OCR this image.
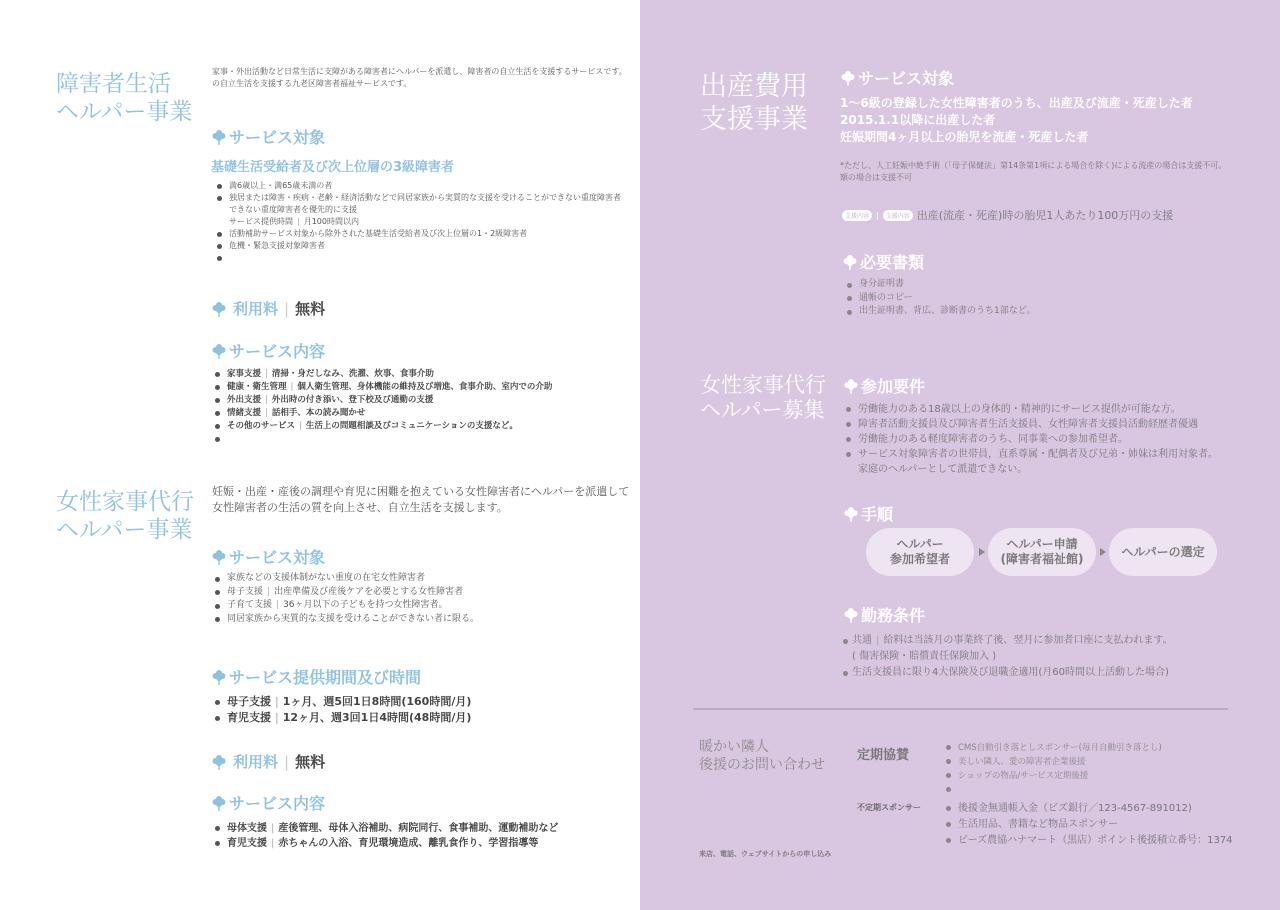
障害者生活
ヘルパー事業
家事・外出活動など日常生活に支障がある障害者にヘルパーを派遣し、障害者の自立生活を支援するサービスです。
の自立生活を支援する九老区障害者福祉サービスです。
サービス対象
基礎生活受給者及び次上位層の3級障害者
満6歳以上・満65歳未満の者
独居または障害・疾病・老齢・経済活動などで同居家族から実質的な支援を受けることができない重度障害者
できない重度障害者を優先的に支援
サービス提供時間 | 月100時間以内
活動補助サービス対象から除外された基礎生活受給者及び次上位層の1・2級障害者
危機・緊急支援対象障害者
利用料 | 無料
サービス内容
家事支援 | 清掃・身だしなみ、洗濯、炊事、食事介助
健康・衛生管理 | 個人衛生管理、身体機能の維持及び増進、食事介助、室内での介助
外出支援 | 外出時の付き添い、登下校及び通勤の支援
情緒支援 | 話相手、本の読み聞かせ
その他のサービス | 生活上の問題相談及びコミュニケーションの支援など。
女性家事代行
ヘルパー事業
妊娠・出産・産後の調理や育児に困難を抱えている女性障害者にヘルパーを派遣して
女性障害者の生活の質を向上させ、自立生活を支援します。
サービス対象
家族などの支援体制がない重度の在宅女性障害者
母子支援 | 出産準備及び産後ケアを必要とする女性障害者
子育て支援 | 36ヶ月以下の子どもを持つ女性障害者。
同居家族から実質的な支援を受けることができない者に限る。
サービス提供期間及び時間
母子支援 | 1ヶ月、週5回1日8時間(160時間/月)
育児支援 | 12ヶ月、週3回1日4時間(48時間/月)
利用料 | 無料
サービス内容
母体支援 | 産後管理、母体入浴補助、病院同行、食事補助、運動補助など
育児支援 | 赤ちゃんの入浴、育児環境造成、離乳食作り、学習指導等
出産費用
支援事業
サービス対象
1～6級の登録した女性障害者のうち、出産及び流産・死産した者
2015.1.1以降に出産した者
妊娠期間4ヶ月以上の胎児を流産・死産した者
*ただし、人工妊娠中絶手術（「母子保健法」第14条第1項による場合を除く)による流産の場合は支援不可。
額の場合は支援不可
支援内容 |	支援内容 出産(流産・死産)時の胎児1人あたり100万円の支援
必要書類
身分証明書
通帳のコピー
出生証明書、背広、診断書のうち1部など。
女性家事代行
ヘルパー募集
参加要件
労働能力のある18歳以上の身体的・精神的にサービス提供が可能な方。
障害者活動支援員及び障害者生活支援員、女性障害者支援員活動経歴者優遇
労働能力のある軽度障害者のうち、同事業への参加希望者。
サービス対象障害者の世帯員，直系尊属・配偶者及び兄弟・姉妹は利用対象者。
家庭のヘルパーとして派遣できない。
手順
ヘルパー
参加希望者
ヘルパー申請
(障害者福祉館)
ヘルパーの選定
勤務条件
共通 | 給料は当該月の事業終了後、翌月に参加者口座に支払われます。
( 傷害保険・賠償責任保険加入 )
生活支援員に限り4大保険及び退職金適用(月60時間以上活動した場合)
暖かい隣人
後援のお問い合わせ
来店、電話、ウェブサイトからの申し込み
定期協賛	CMS自動引き落としスポンサー(毎月自動引き落とし)
美しい隣人、愛の障害者企業後援
ショップの物品/サービス定期後援
不定期スポンサー	後援金無通帳入金（ビズ銀行／123-4567-891012)
生活用品、書籍など物品スポンサー
ビーズ農協ハナマート（黒店）ポイント後援積立番号：1374
